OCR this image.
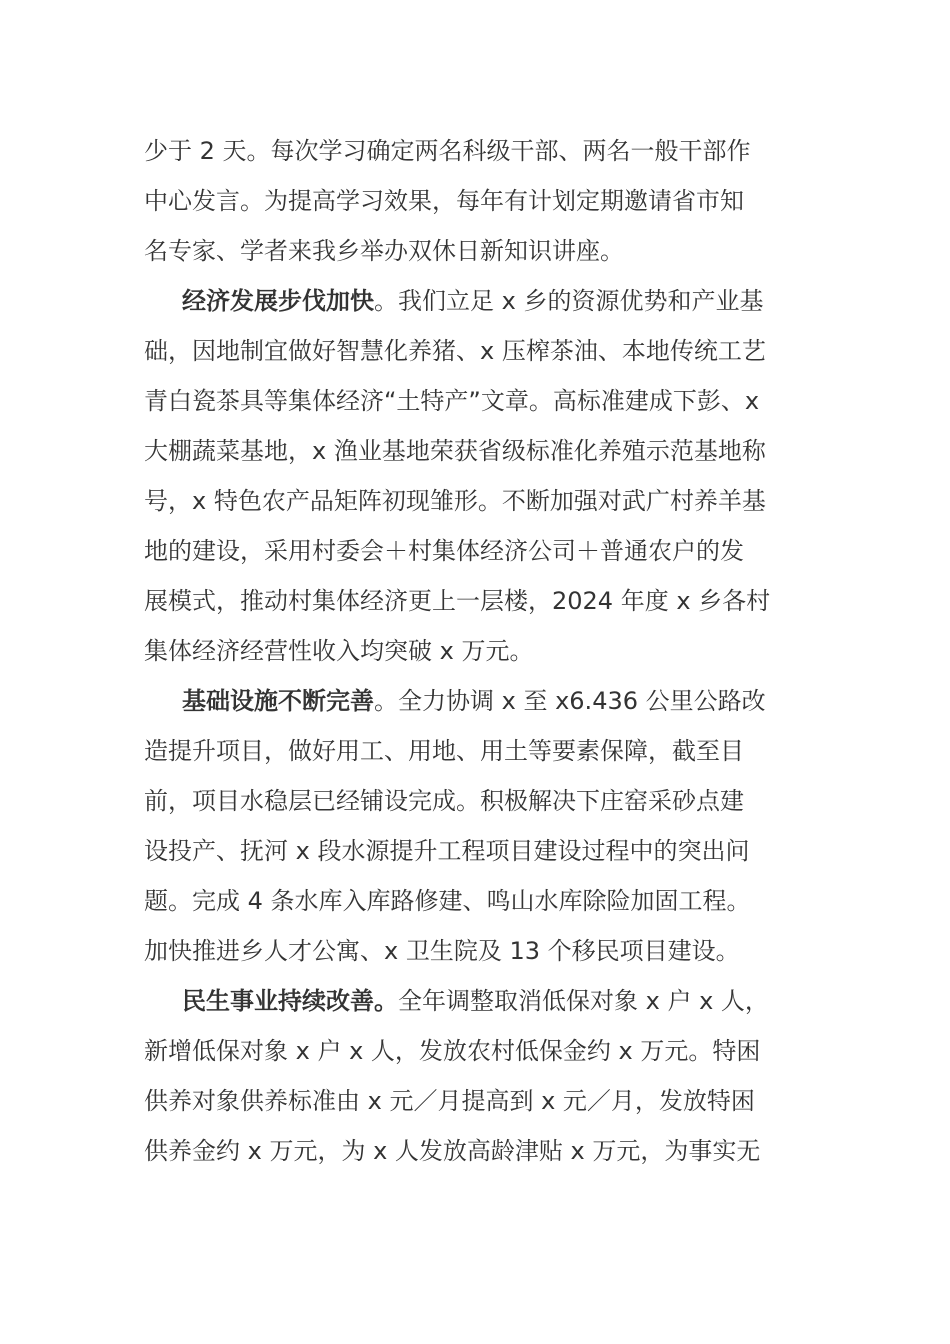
少于 2 天。每次学习确定两名科级干部、两名一般干部作
中心发言。为提高学习效果，每年有计划定期邀请省市知
名专家、学者来我乡举办双休日新知识讲座。
经济发展步伐加快。我们立足 x 乡的资源优势和产业基
础，因地制宜做好智慧化养猪、x 压榨茶油、本地传统工艺
青白瓷茶具等集体经济“土特产”文章。高标准建成下彭、x
大棚蔬菜基地，x 渔业基地荣获省级标准化养殖示范基地称
号，x 特色农产品矩阵初现雏形。不断加强对武广村养羊基
地的建设，采用村委会＋村集体经济公司＋普通农户的发
展模式，推动村集体经济更上一层楼，2024 年度 x 乡各村
集体经济经营性收入均突破 x 万元。
基础设施不断完善。全力协调 x 至 x6.436 公里公路改
造提升项目，做好用工、用地、用土等要素保障，截至目
前，项目水稳层已经铺设完成。积极解决下庄窑采砂点建
设投产、抚河 x 段水源提升工程项目建设过程中的突出问
题。完成 4 条水库入库路修建、鸣山水库除险加固工程。
加快推进乡人才公寓、x 卫生院及 13 个移民项目建设。
民生事业持续改善。全年调整取消低保对象 x 户 x 人，
新增低保对象 x 户 x 人，发放农村低保金约 x 万元。特困
供养对象供养标准由 x 元／月提高到 x 元／月，发放特困
供养金约 x 万元，为 x 人发放高龄津贴 x 万元，为事实无
